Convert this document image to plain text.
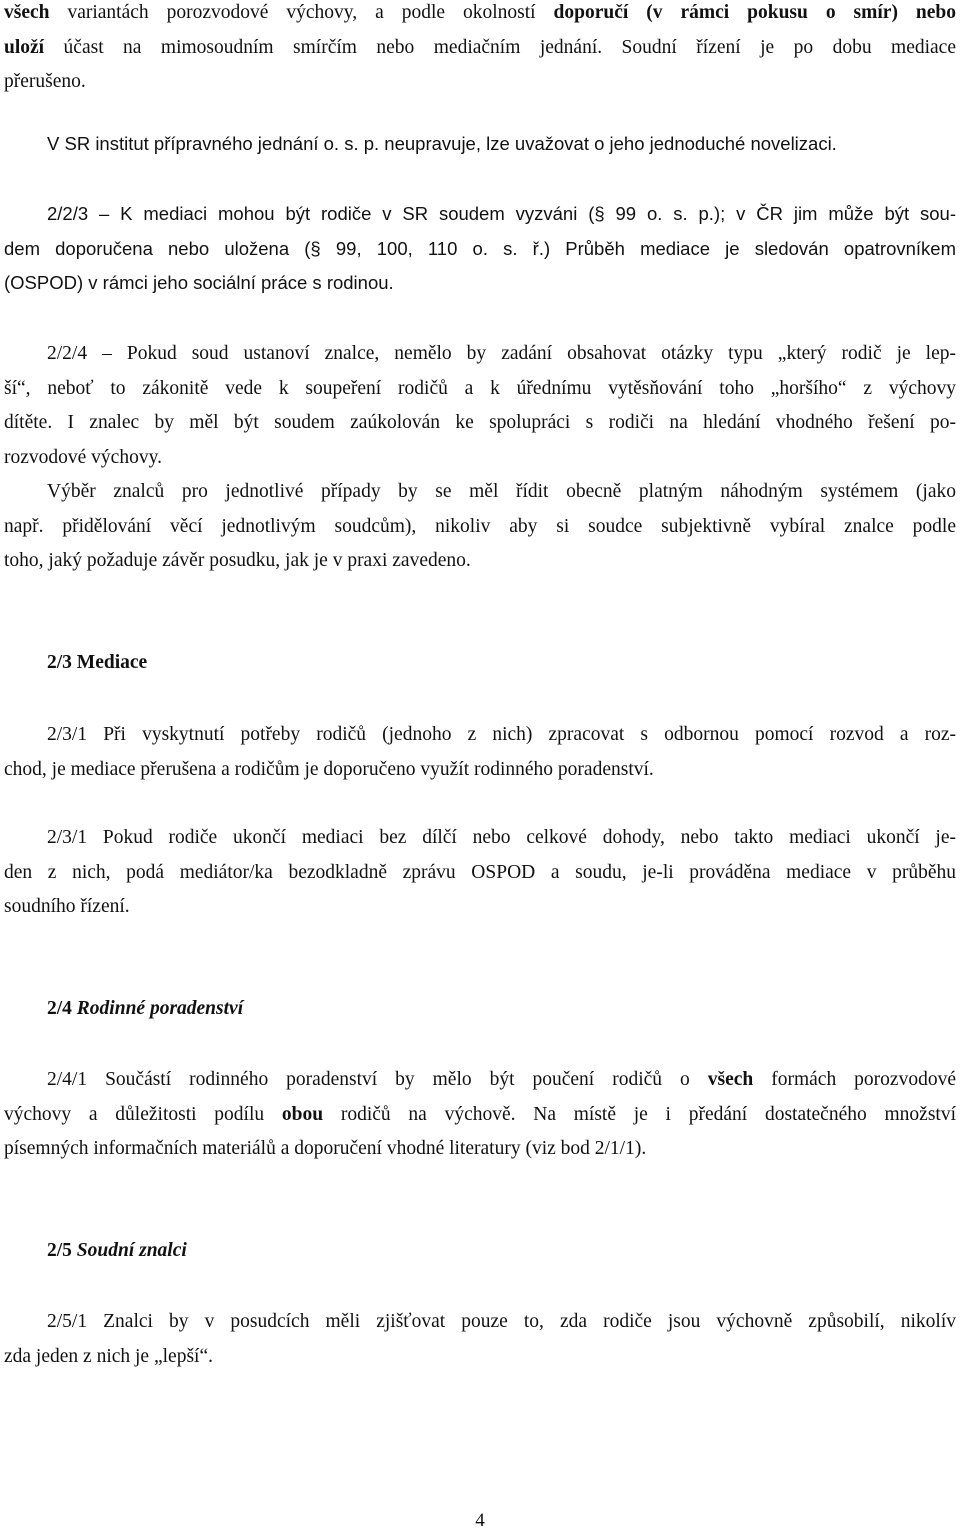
všech variantách porozvodové výchovy, a podle okolností doporučí (v rámci pokusu o smír) nebo
uloží účast na mimosoudním smírčím nebo mediačním jednání. Soudní řízení je po dobu mediace
přerušeno.
V SR institut přípravného jednání o. s. p. neupravuje, lze uvažovat o jeho jednoduché novelizaci.
2/2/3 – K mediaci mohou být rodiče v SR soudem vyzváni (§ 99 o. s. p.); v ČR jim může být sou-
dem doporučena nebo uložena (§ 99, 100, 110 o. s. ř.) Průběh mediace je sledován opatrovníkem
(OSPOD) v rámci jeho sociální práce s rodinou.
2/2/4 – Pokud soud ustanoví znalce, nemělo by zadání obsahovat otázky typu „který rodič je lep-
ší“, neboť to zákonitě vede k soupeření rodičů a k úřednímu vytěsňování toho „horšího“ z výchovy
dítěte. I znalec by měl být soudem zaúkolován ke spolupráci s rodiči na hledání vhodného řešení po-
rozvodové výchovy.
Výběr znalců pro jednotlivé případy by se měl řídit obecně platným náhodným systémem (jako
např. přidělování věcí jednotlivým soudcům), nikoliv aby si soudce subjektivně vybíral znalce podle
toho, jaký požaduje závěr posudku, jak je v praxi zavedeno.
2/3 Mediace
2/3/1 Při vyskytnutí potřeby rodičů (jednoho z nich) zpracovat s odbornou pomocí rozvod a roz-
chod, je mediace přerušena a rodičům je doporučeno využít rodinného poradenství.
2/3/1 Pokud rodiče ukončí mediaci bez dílčí nebo celkové dohody, nebo takto mediaci ukončí je-
den z nich, podá mediátor/ka bezodkladně zprávu OSPOD a soudu, je-li prováděna mediace v průběhu
soudního řízení.
2/4 Rodinné poradenství
2/4/1 Součástí rodinného poradenství by mělo být poučení rodičů o všech formách porozvodové
výchovy a důležitosti podílu obou rodičů na výchově. Na místě je i předání dostatečného množství
písemných informačních materiálů a doporučení vhodné literatury (viz bod 2/1/1).
2/5 Soudní znalci
2/5/1 Znalci by v posudcích měli zjišťovat pouze to, zda rodiče jsou výchovně způsobilí, nikolív
zda jeden z nich je „lepší“.
4
